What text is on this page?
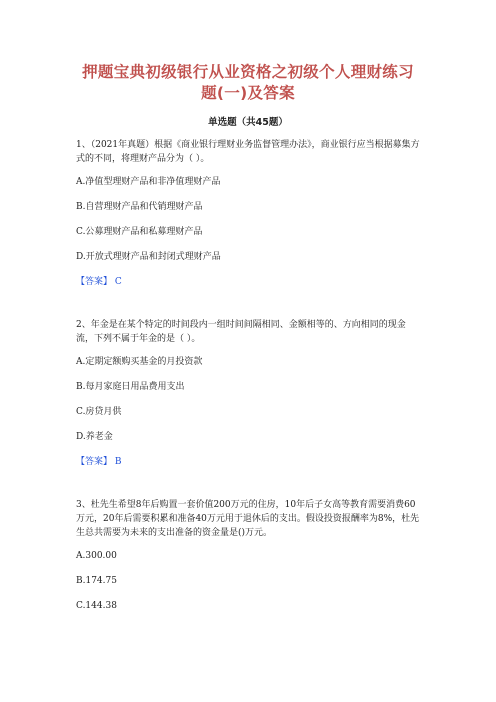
押题宝典初级银行从业资格之初级个人理财练习题(一)及答案
单选题（共45题）

1、（2021年真题）根据《商业银行理财业务监督管理办法》，商业银行应当根据募集方式的不同，将理财产品分为（ ）。

A.净值型理财产品和非净值理财产品

B.自营理财产品和代销理财产品

C.公募理财产品和私募理财产品

D.开放式理财产品和封闭式理财产品

【答案】 C

2、年金是在某个特定的时间段内一组时间间隔相同、金额相等的、方向相同的现金流，下列不属于年金的是（ ）。

A.定期定额购买基金的月投资款

B.每月家庭日用品费用支出

C.房贷月供

D.养老金

【答案】 B

3、杜先生希望8年后购置一套价值200万元的住房，10年后子女高等教育需要消费60万元，20年后需要积累和准备40万元用于退休后的支出。假设投资报酬率为8%，杜先生总共需要为未来的支出准备的资金量是()万元。

A.300.00

B.174.75

C.144.38
